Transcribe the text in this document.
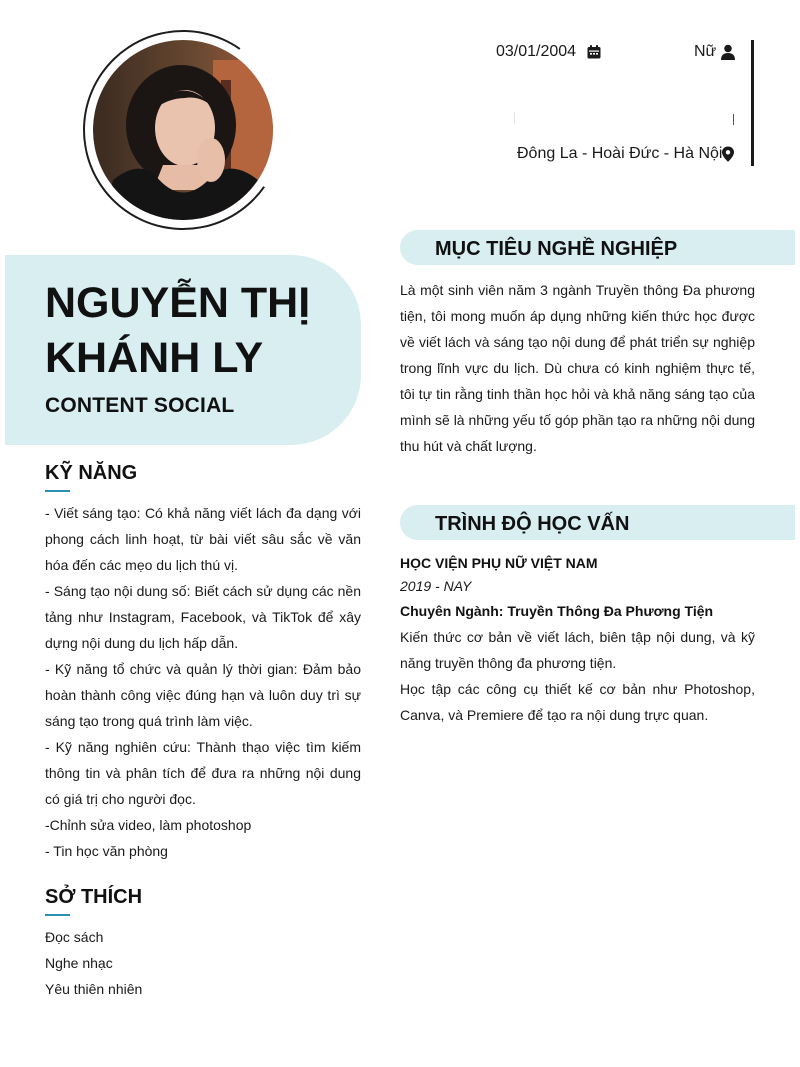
03/01/2004	Nữ
Đông La - Hoài Đức - Hà Nội
NGUYỄN THỊ
KHÁNH LY
CONTENT SOCIAL
KỸ NĂNG
- Viết sáng tạo: Có khả năng viết lách đa dạng với phong cách linh hoạt, từ bài viết sâu sắc về văn hóa đến các mẹo du lịch thú vị.
- Sáng tạo nội dung số: Biết cách sử dụng các nền tảng như Instagram, Facebook, và TikTok để xây dựng nội dung du lịch hấp dẫn.
- Kỹ năng tổ chức và quản lý thời gian: Đảm bảo hoàn thành công việc đúng hạn và luôn duy trì sự sáng tạo trong quá trình làm việc.
- Kỹ năng nghiên cứu: Thành thạo việc tìm kiếm thông tin và phân tích để đưa ra những nội dung có giá trị cho người đọc.
-Chỉnh sửa video, làm photoshop
- Tin học văn phòng
SỞ THÍCH
Đọc sách
Nghe nhạc
Yêu thiên nhiên
MỤC TIÊU NGHỀ NGHIỆP
Là một sinh viên năm 3 ngành Truyền thông Đa phương tiện, tôi mong muốn áp dụng những kiến thức học được về viết lách và sáng tạo nội dung để phát triển sự nghiệp trong lĩnh vực du lịch. Dù chưa có kinh nghiệm thực tế, tôi tự tin rằng tinh thần học hỏi và khả năng sáng tạo của mình sẽ là những yếu tố góp phần tạo ra những nội dung thu hút và chất lượng.
TRÌNH ĐỘ HỌC VẤN
HỌC VIỆN PHỤ NỮ VIỆT NAM
2019 - NAY
Chuyên Ngành: Truyền Thông Đa Phương Tiện
Kiến thức cơ bản về viết lách, biên tập nội dung, và kỹ năng truyền thông đa phương tiện.
Học tập các công cụ thiết kế cơ bản như Photoshop, Canva, và Premiere để tạo ra nội dung trực quan.
